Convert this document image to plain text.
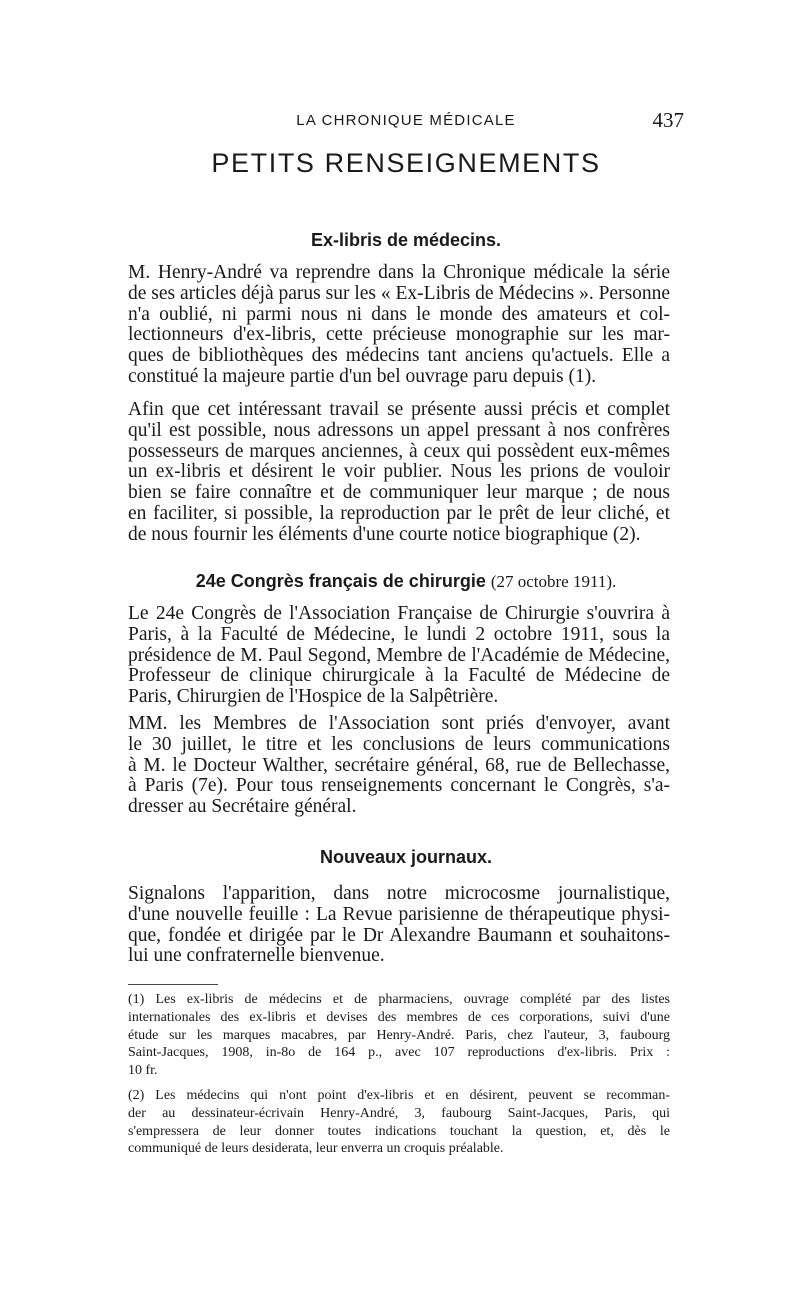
LA CHRONIQUE MÉDICALE	437
PETITS RENSEIGNEMENTS
Ex-libris de médecins.

M. Henry-André va reprendre dans la Chronique médicale la série
de ses articles déjà parus sur les « Ex-Libris de Médecins ». Personne
n'a oublié, ni parmi nous ni dans le monde des amateurs et col-
lectionneurs d'ex-libris, cette précieuse monographie sur les mar-
ques de bibliothèques des médecins tant anciens qu'actuels. Elle a
constitué la majeure partie d'un bel ouvrage paru depuis (1).

Afin que cet intéressant travail se présente aussi précis et complet
qu'il est possible, nous adressons un appel pressant à nos confrères
possesseurs de marques anciennes, à ceux qui possèdent eux-mêmes
un ex-libris et désirent le voir publier. Nous les prions de vouloir
bien se faire connaître et de communiquer leur marque ; de nous
en faciliter, si possible, la reproduction par le prêt de leur cliché, et
de nous fournir les éléments d'une courte notice biographique (2).

24e Congrès français de chirurgie (27 octobre 1911).

Le 24e Congrès de l'Association Française de Chirurgie s'ouvrira à
Paris, à la Faculté de Médecine, le lundi 2 octobre 1911, sous la
présidence de M. Paul Segond, Membre de l'Académie de Médecine,
Professeur de clinique chirurgicale à la Faculté de Médecine de
Paris, Chirurgien de l'Hospice de la Salpêtrière.

MM. les Membres de l'Association sont priés d'envoyer, avant
le 30 juillet, le titre et les conclusions de leurs communications
à M. le Docteur Walther, secrétaire général, 68, rue de Bellechasse,
à Paris (7e). Pour tous renseignements concernant le Congrès, s'a-
dresser au Secrétaire général.

Nouveaux journaux.

Signalons l'apparition, dans notre microcosme journalistique,
d'une nouvelle feuille : La Revue parisienne de thérapeutique physi-
que, fondée et dirigée par le Dr Alexandre Baumann et souhaitons-
lui une confraternelle bienvenue.

(1) Les ex-libris de médecins et de pharmaciens, ouvrage complété par des listes
internationales des ex-libris et devises des membres de ces corporations, suivi d'une
étude sur les marques macabres, par Henry-André. Paris, chez l'auteur, 3, faubourg
Saint-Jacques, 1908, in-8o de 164 p., avec 107 reproductions d'ex-libris. Prix :
10 fr.

(2) Les médecins qui n'ont point d'ex-libris et en désirent, peuvent se recomman-
der au dessinateur-écrivain Henry-André, 3, faubourg Saint-Jacques, Paris, qui
s'empressera de leur donner toutes indications touchant la question, et, dès le
communiqué de leurs desiderata, leur enverra un croquis préalable.
